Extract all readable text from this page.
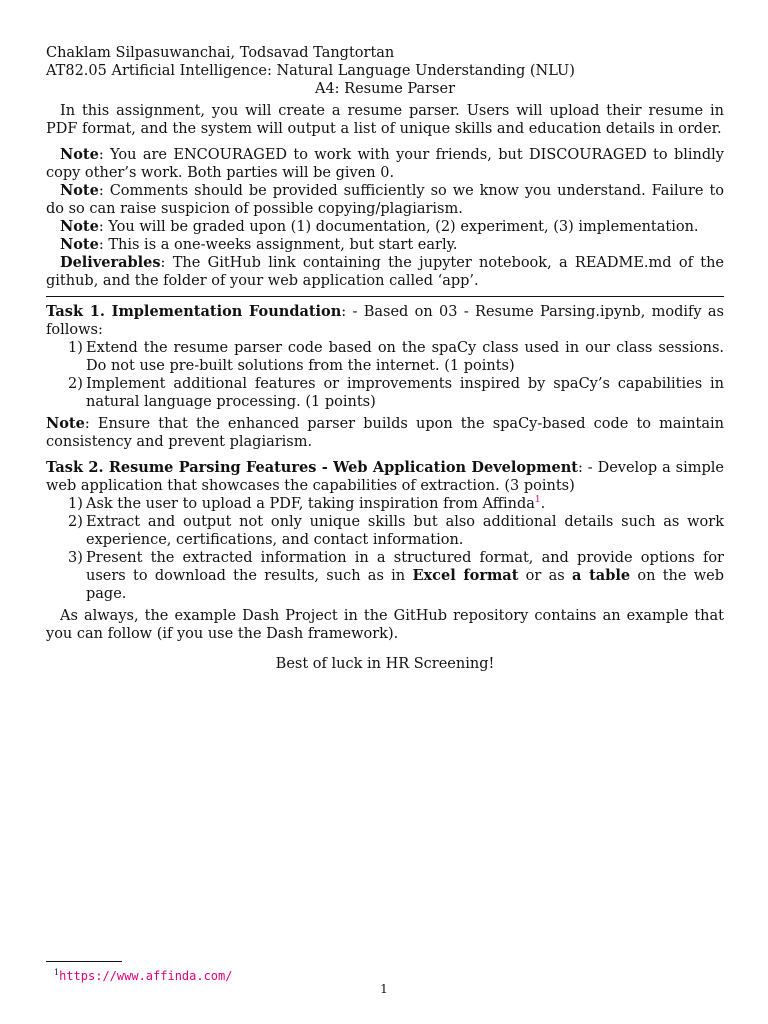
Chaklam Silpasuwanchai, Todsavad Tangtortan

AT82.05 Artificial Intelligence: Natural Language Understanding (NLU)

A4: Resume Parser

In this assignment, you will create a resume parser. Users will upload their resume in PDF format, and the system will output a list of unique skills and education details in order.

Note: You are ENCOURAGED to work with your friends, but DISCOURAGED to blindly copy other’s work. Both parties will be given 0.

Note: Comments should be provided sufficiently so we know you understand. Failure to do so can raise suspicion of possible copying/plagiarism.

Note: You will be graded upon (1) documentation, (2) experiment, (3) implementation.

Note: This is a one-weeks assignment, but start early.

Deliverables: The GitHub link containing the jupyter notebook, a README.md of the github, and the folder of your web application called ‘app’.

Task 1. Implementation Foundation: - Based on 03 - Resume Parsing.ipynb, modify as follows:

1) Extend the resume parser code based on the spaCy class used in our class sessions. Do not use pre-built solutions from the internet. (1 points)
2) Implement additional features or improvements inspired by spaCy’s capabilities in natural language processing. (1 points)

Note: Ensure that the enhanced parser builds upon the spaCy-based code to maintain consistency and prevent plagiarism.

Task 2. Resume Parsing Features - Web Application Development: - Develop a simple web application that showcases the capabilities of extraction. (3 points)

1) Ask the user to upload a PDF, taking inspiration from Affinda$^1$.
2) Extract and output not only unique skills but also additional details such as work experience, certifications, and contact information.
3) Present the extracted information in a structured format, and provide options for users to download the results, such as in Excel format or as a table on the web page.

As always, the example Dash Project in the GitHub repository contains an example that you can follow (if you use the Dash framework).

Best of luck in HR Screening!

$^1$https://www.affinda.com/
1
